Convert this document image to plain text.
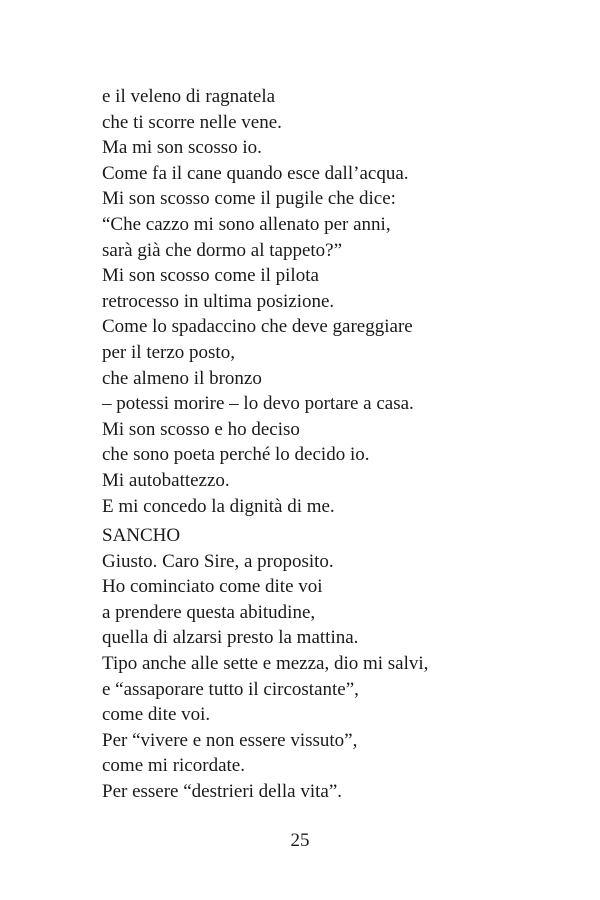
e il veleno di ragnatela
che ti scorre nelle vene.
Ma mi son scosso io.
Come fa il cane quando esce dall’acqua.
Mi son scosso come il pugile che dice:
“Che cazzo mi sono allenato per anni,
sarà già che dormo al tappeto?”
Mi son scosso come il pilota
retrocesso in ultima posizione.
Come lo spadaccino che deve gareggiare
per il terzo posto,
che almeno il bronzo
– potessi morire – lo devo portare a casa.
Mi son scosso e ho deciso
che sono poeta perché lo decido io.
Mi autobattezzo.
E mi concedo la dignità di me.
SANCHO
Giusto. Caro Sire, a proposito.
Ho cominciato come dite voi
a prendere questa abitudine,
quella di alzarsi presto la mattina.
Tipo anche alle sette e mezza, dio mi salvi,
e “assaporare tutto il circostante”,
come dite voi.
Per “vivere e non essere vissuto”,
come mi ricordate.
Per essere “destrieri della vita”.
25
